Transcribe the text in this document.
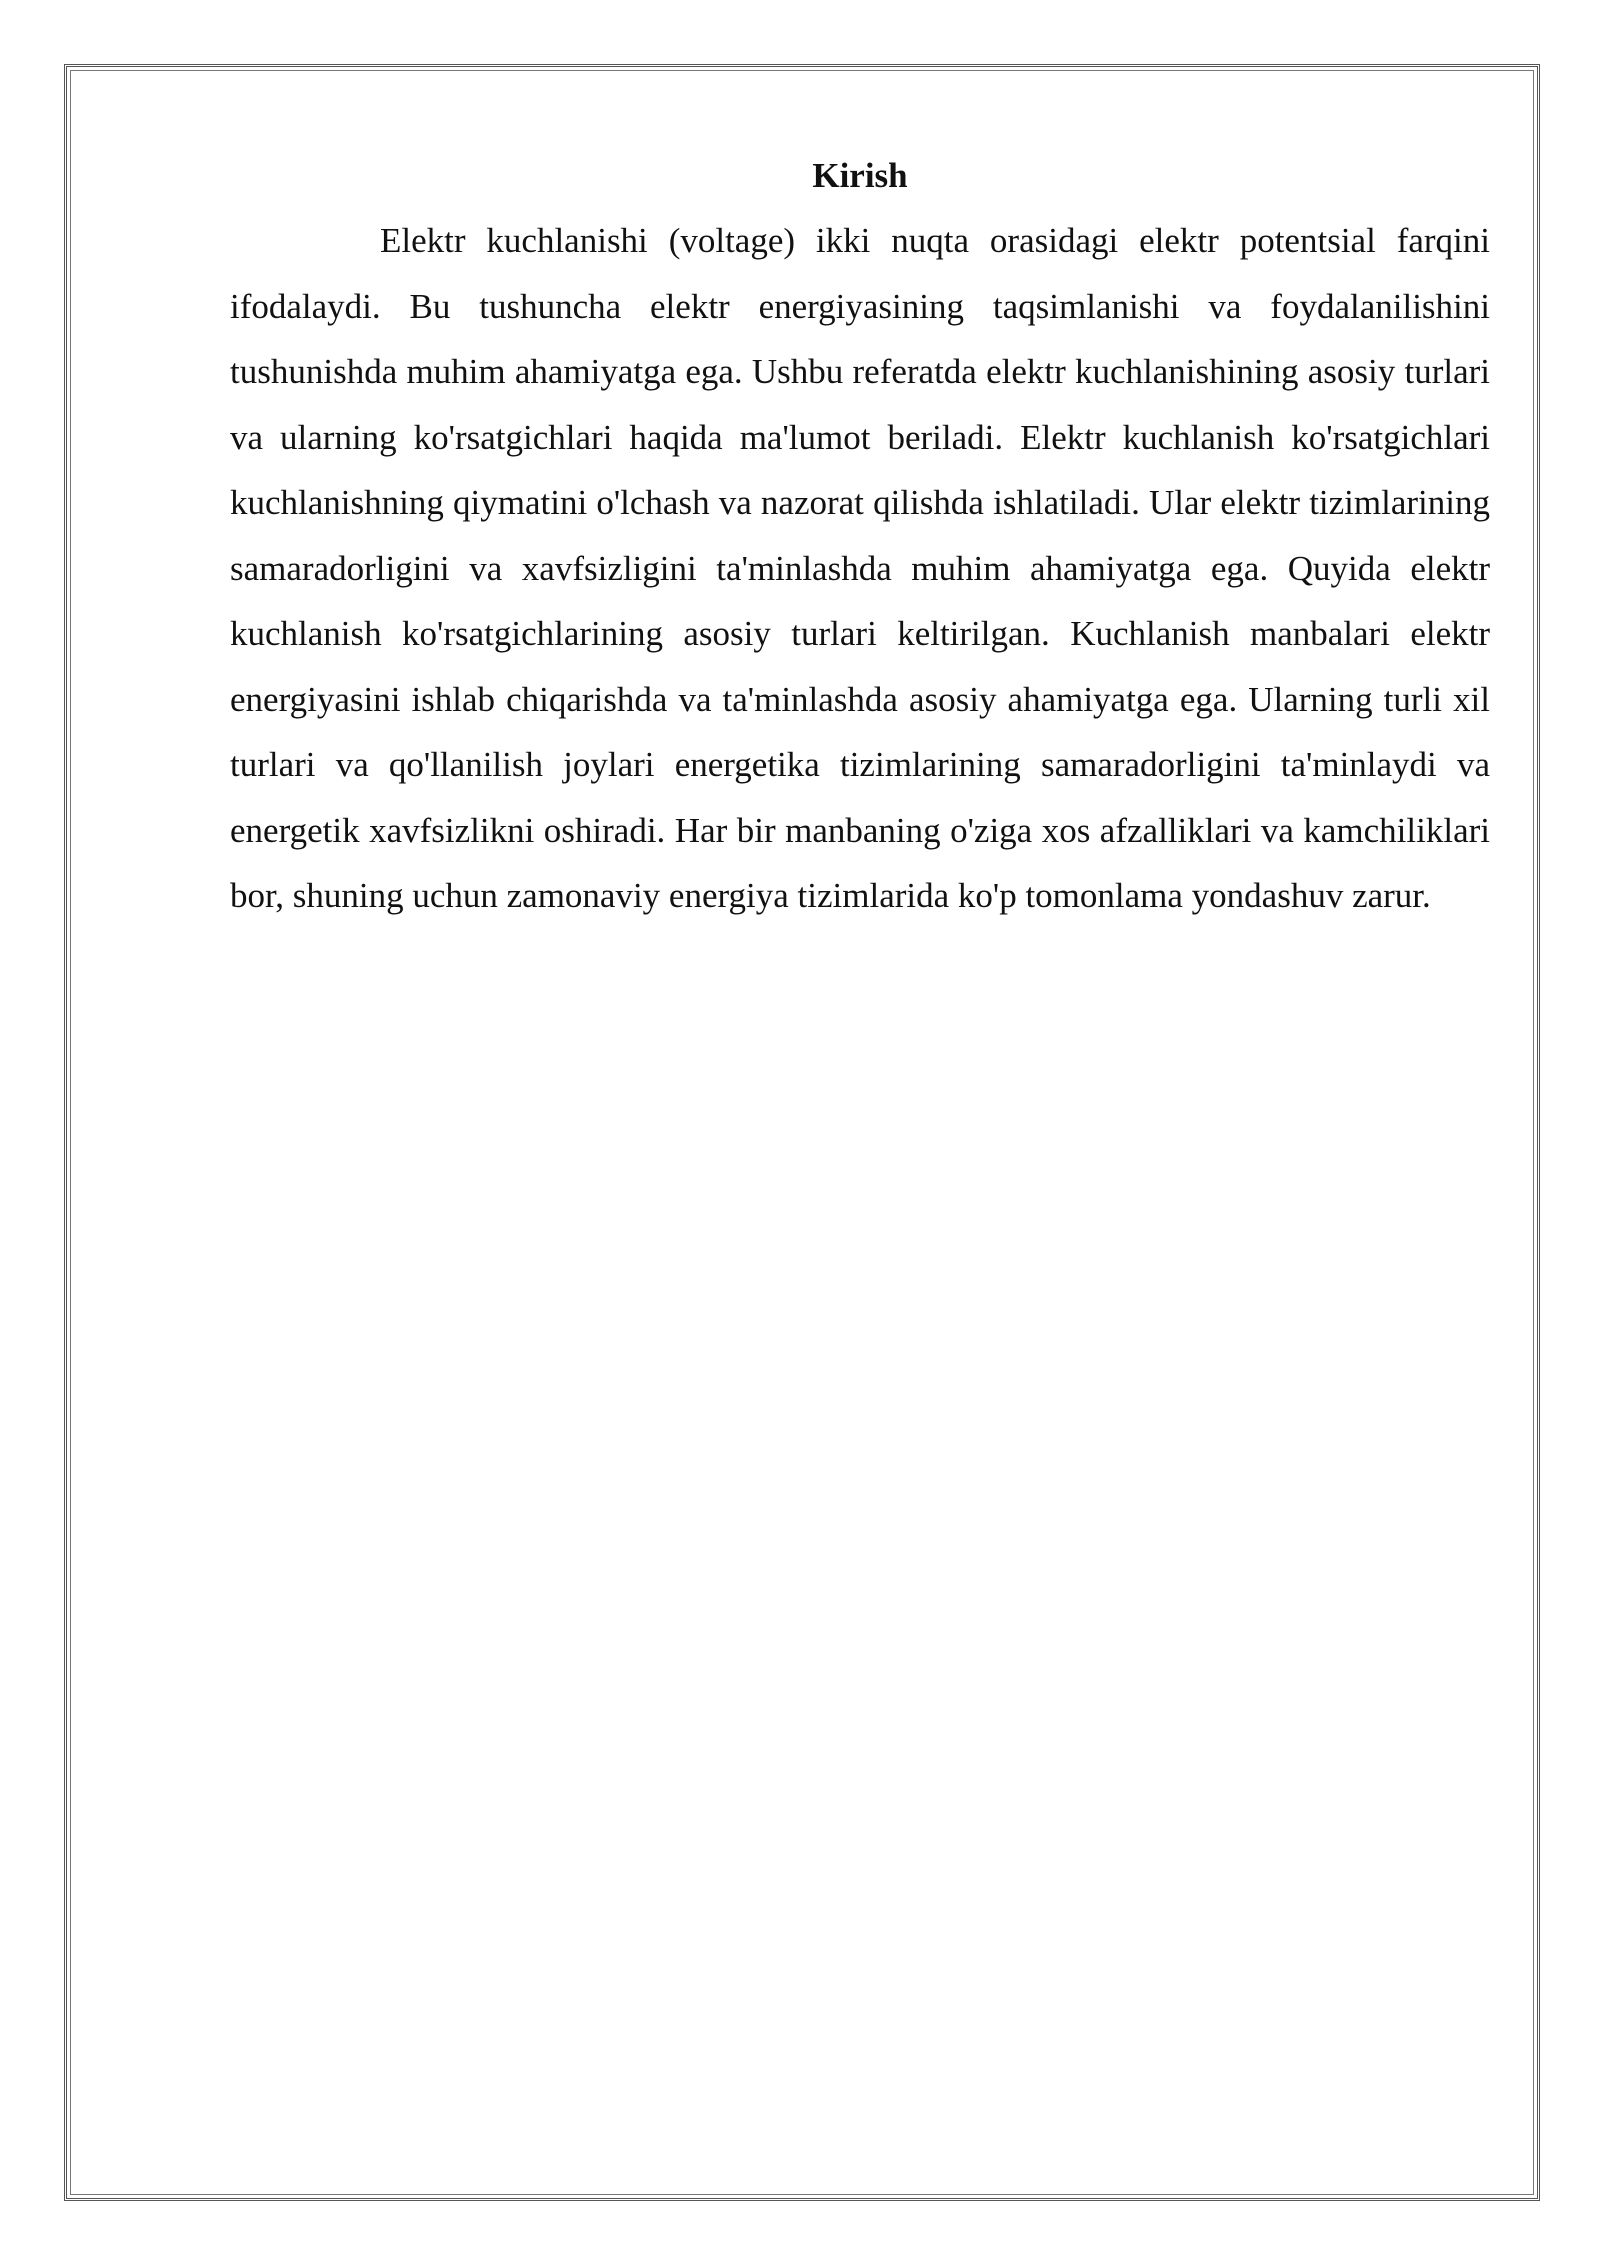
Kirish

Elektr kuchlanishi (voltage) ikki nuqta orasidagi elektr potentsial farqini ifodalaydi. Bu tushuncha elektr energiyasining taqsimlanishi va foydalanilishini tushunishda muhim ahamiyatga ega. Ushbu referatda elektr kuchlanishining asosiy turlari va ularning ko'rsatgichlari haqida ma'lumot beriladi. Elektr kuchlanish ko'rsatgichlari kuchlanishning qiymatini o'lchash va nazorat qilishda ishlatiladi. Ular elektr tizimlarining samaradorligini va xavfsizligini ta'minlashda muhim ahamiyatga ega. Quyida elektr kuchlanish ko'rsatgichlarining asosiy turlari keltirilgan. Kuchlanish manbalari elektr energiyasini ishlab chiqarishda va ta'minlashda asosiy ahamiyatga ega. Ularning turli xil turlari va qo'llanilish joylari energetika tizimlarining samaradorligini ta'minlaydi va energetik xavfsizlikni oshiradi. Har bir manbaning o'ziga xos afzalliklari va kamchiliklari bor, shuning uchun zamonaviy energiya tizimlarida ko'p tomonlama yondashuv zarur.
